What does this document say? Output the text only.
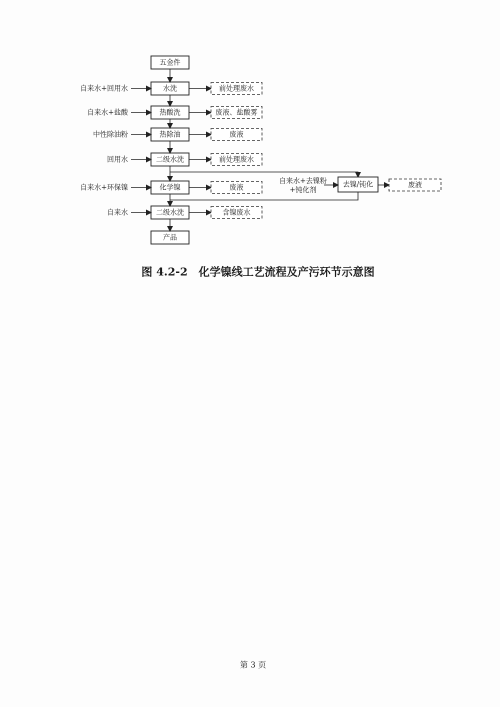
五金件
水洗
热酸洗
热除油
二级水洗
化学镍
二级水洗
产品
自来水+回用水
自来水+盐酸
中性除油粉
回用水
自来水+环保镍
自来水
前处理废水
废液、盐酸雾
废液
前处理废水
废液
含镍废水
去镍/钝化
自来水+去镍粉
+钝化剂
废液
图 4.2-2　化学镍线工艺流程及产污环节示意图
第 3 页
